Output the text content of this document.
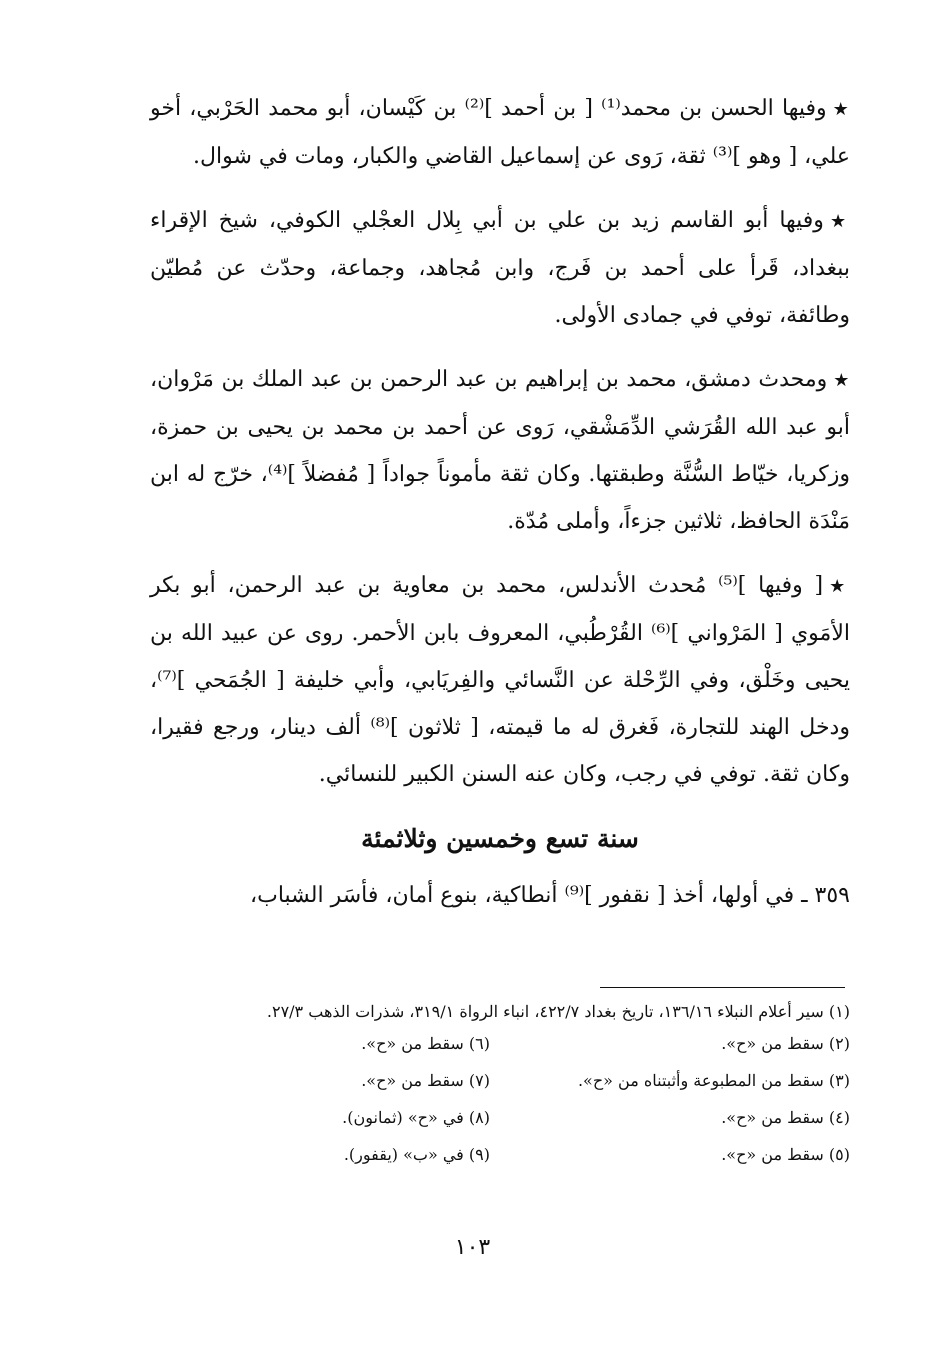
★وفيها الحسن بن محمد⁽¹⁾ [ بن أحمد ]⁽²⁾ بن كَيْسان، أبو محمد الحَرْبي، أخو علي، [ وهو ]⁽³⁾ ثقة، رَوى عن إسماعيل القاضي والكبار، ومات في شوال.

★وفيها أبو القاسم زيد بن علي بن أبي بِلال العجْلي الكوفي، شيخ الإقراء ببغداد، قَرأ على أحمد بن فَرج، وابن مُجاهد، وجماعة، وحدّث عن مُطيّن وطائفة، توفي في جمادى الأولى.

★ومحدث دمشق، محمد بن إبراهيم بن عبد الرحمن بن عبد الملك بن مَرْوان، أبو عبد الله القُرَشي الدِّمَشْقي، رَوى عن أحمد بن محمد بن يحيى بن حمزة، وزكريا، خيّاط السُّنَّة وطبقتها. وكان ثقة مأموناً جواداً [ مُفضلاً ]⁽⁴⁾، خرّج له ابن مَنْدَة الحافظ، ثلاثين جزءاً، وأملى مُدّة.

★[ وفيها ]⁽⁵⁾ مُحدث الأندلس، محمد بن معاوية بن عبد الرحمن، أبو بكر الأمَوي [ المَرْواني ]⁽⁶⁾ القُرْطُبي، المعروف بابن الأحمر. روى عن عبيد الله بن يحيى وخَلْق، وفي الرِّحْلة عن النَّسائي والفِريَابي، وأبي خليفة [ الجُمَحي ]⁽⁷⁾، ودخل الهند للتجارة، فَغرق له ما قيمته، [ ثلاثون ]⁽⁸⁾ ألف دينار، ورجع فقيرا، وكان ثقة. توفي في رجب، وكان عنه السنن الكبير للنسائي.

سنة تسع وخمسين وثلاثمئة

٣٥٩ ـ في أولها، أخذ [ نقفور ]⁽⁹⁾ أنطاكية، بنوع أمان، فأسَر الشباب،

(١) سير أعلام النبلاء ١٣٦/١٦، تاريخ بغداد ٤٢٢/٧، انباء الرواة ٣١٩/١، شذرات الذهب ٢٧/٣.

(٢) سقط من «ح».
(٣) سقط من المطبوعة وأثبتناه من «ح».
(٤) سقط من «ح».
(٥) سقط من «ح».
(٦) سقط من «ح».
(٧) سقط من «ح».
(٨) في «ح» (ثمانون).
(٩) في «ب» (يقفور).
١٠٣
